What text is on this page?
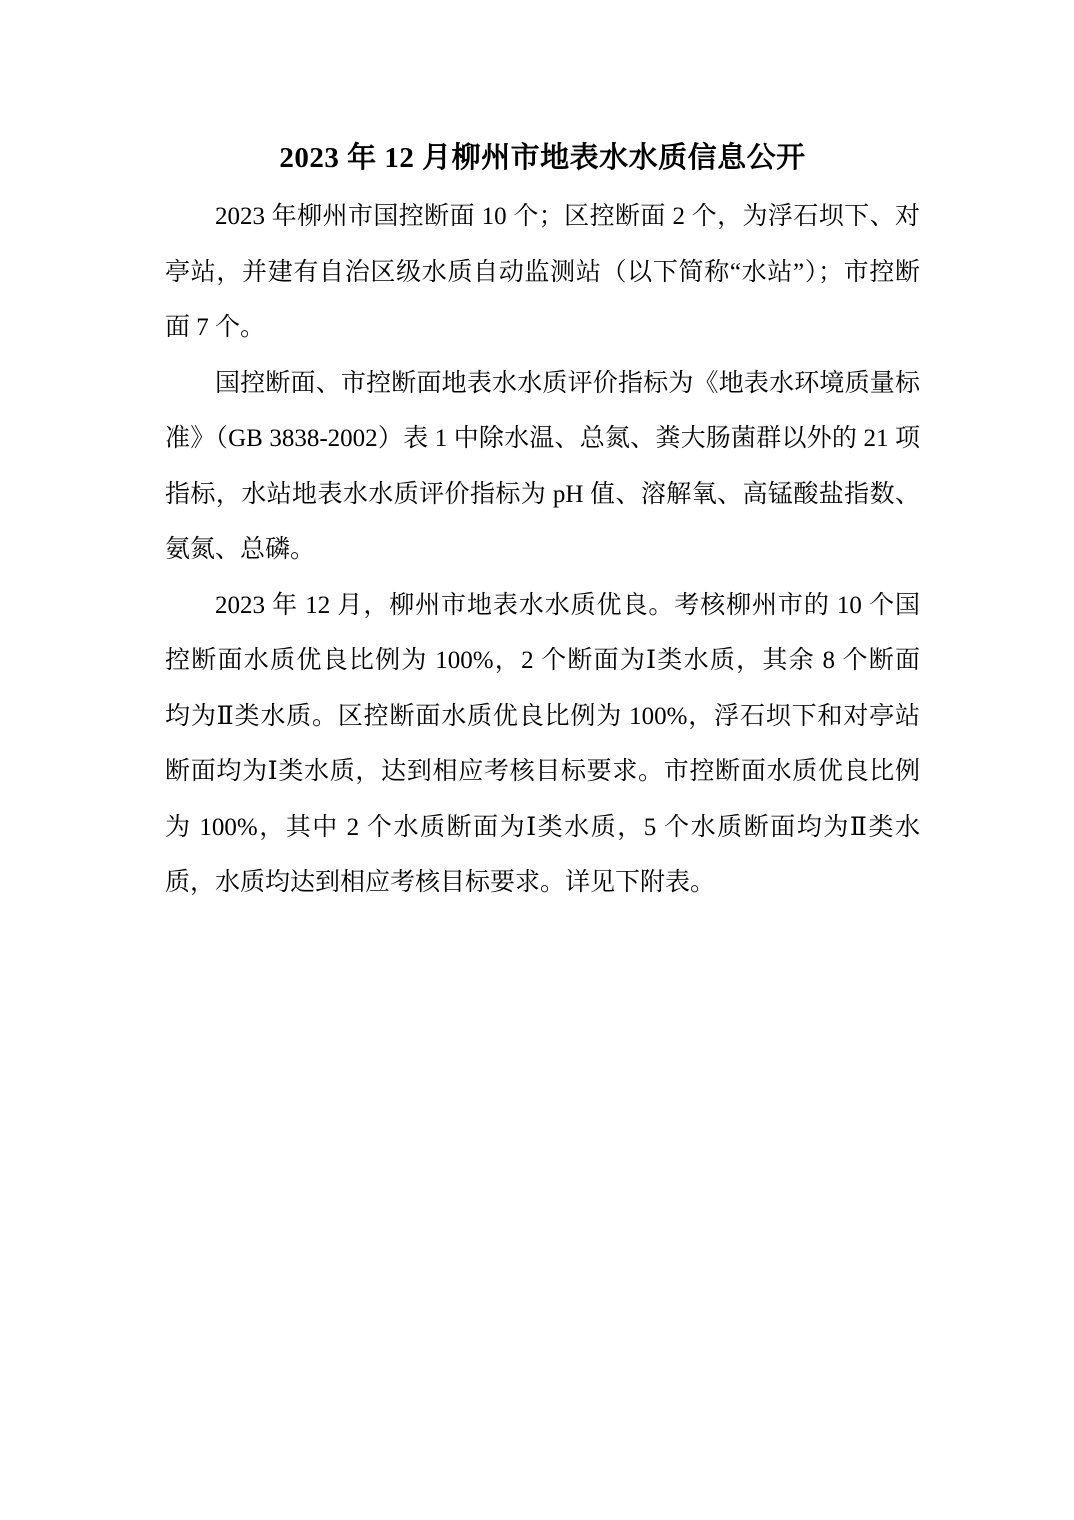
2023 年 12 月柳州市地表水水质信息公开
2023 年柳州市国控断面 10 个；区控断面 2 个，为浮石坝下、对
亭站，并建有自治区级水质自动监测站（以下简称“水站”）；市控断
面 7 个。
国控断面、市控断面地表水水质评价指标为《地表水环境质量标
准》（GB 3838-2002）表 1 中除水温、总氮、粪大肠菌群以外的 21 项
指标，水站地表水水质评价指标为 pH 值、溶解氧、高锰酸盐指数、
氨氮、总磷。
2023 年 12 月，柳州市地表水水质优良。考核柳州市的 10 个国
控断面水质优良比例为 100%，2 个断面为Ⅰ类水质，其余 8 个断面
均为Ⅱ类水质。区控断面水质优良比例为 100%，浮石坝下和对亭站
断面均为Ⅰ类水质，达到相应考核目标要求。市控断面水质优良比例
为 100%，其中 2 个水质断面为Ⅰ类水质，5 个水质断面均为Ⅱ类水
质，水质均达到相应考核目标要求。详见下附表。
